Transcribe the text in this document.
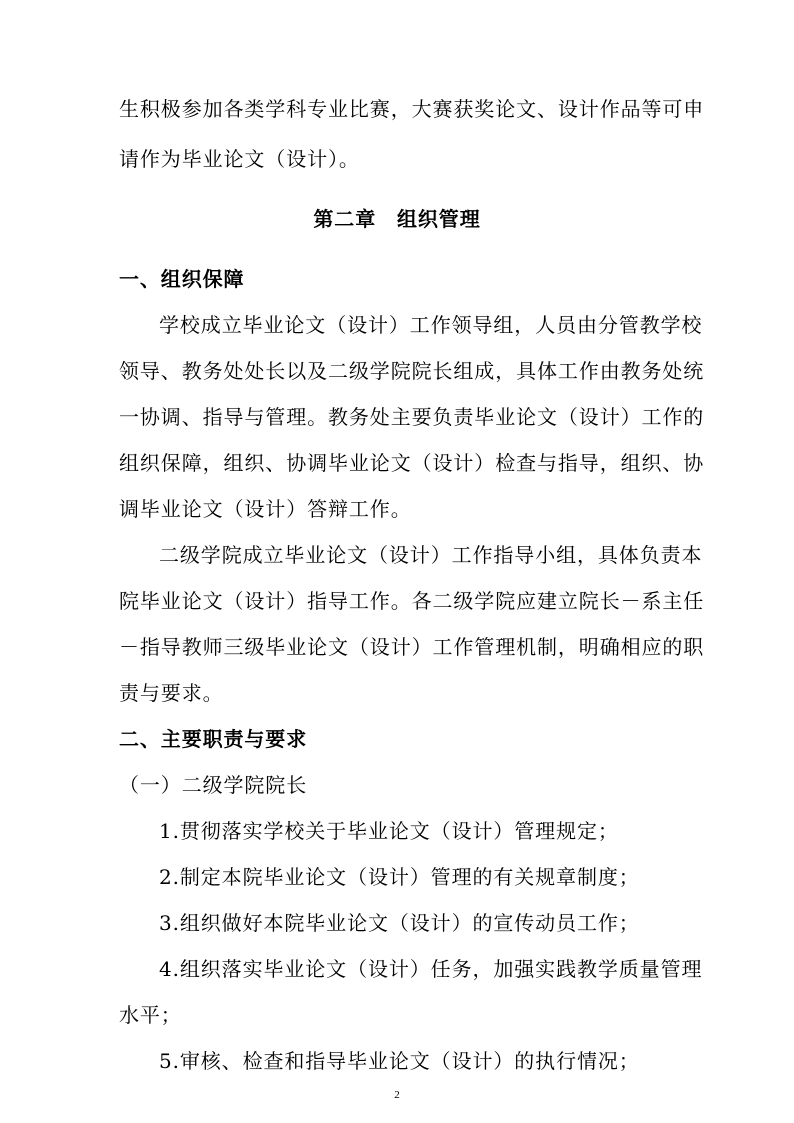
生积极参加各类学科专业比赛，大赛获奖论文、设计作品等可申
请作为毕业论文（设计）。
第二章　组织管理
一、组织保障
学校成立毕业论文（设计）工作领导组，人员由分管教学校
领导、教务处处长以及二级学院院长组成，具体工作由教务处统
一协调、指导与管理。教务处主要负责毕业论文（设计）工作的
组织保障，组织、协调毕业论文（设计）检查与指导，组织、协
调毕业论文（设计）答辩工作。
二级学院成立毕业论文（设计）工作指导小组，具体负责本
院毕业论文（设计）指导工作。各二级学院应建立院长－系主任
－指导教师三级毕业论文（设计）工作管理机制，明确相应的职
责与要求。
二、主要职责与要求
（一）二级学院院长
1.贯彻落实学校关于毕业论文（设计）管理规定；
2.制定本院毕业论文（设计）管理的有关规章制度；
3.组织做好本院毕业论文（设计）的宣传动员工作；
4.组织落实毕业论文（设计）任务，加强实践教学质量管理
水平；
5.审核、检查和指导毕业论文（设计）的执行情况；
2
